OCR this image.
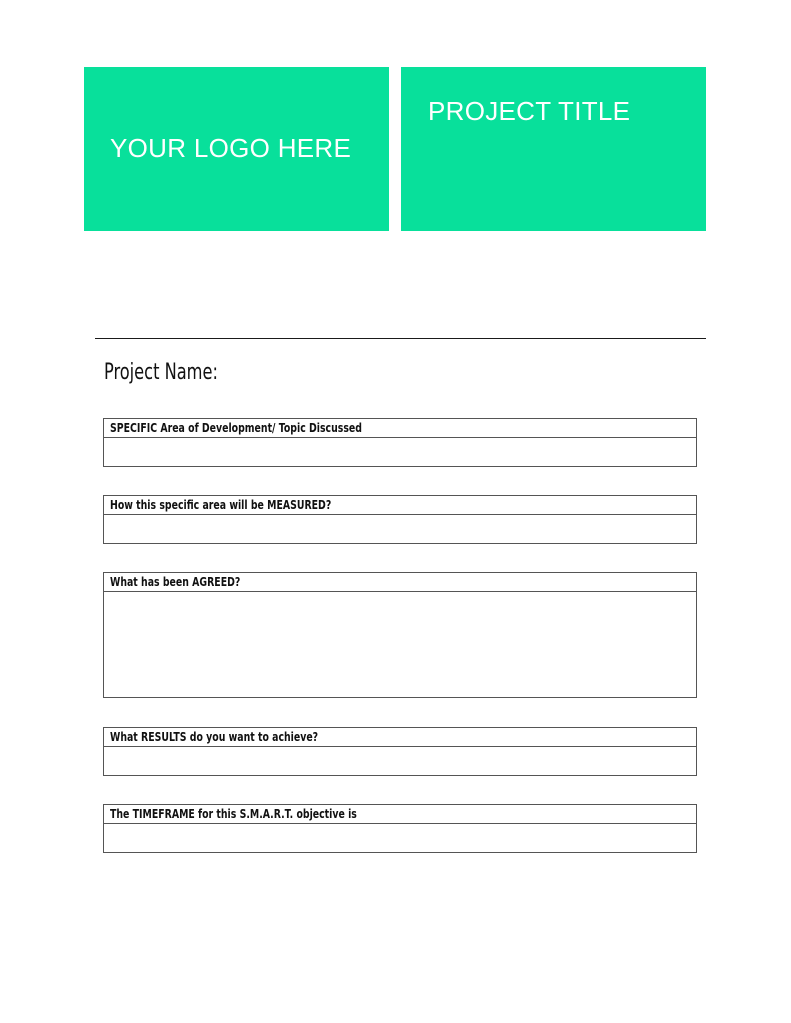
YOUR LOGO HERE
PROJECT TITLE
Project Name:
SPECIFIC Area of Development/ Topic Discussed
How this specific area will be MEASURED?
What has been AGREED?
What RESULTS do you want to achieve?
The TIMEFRAME for this S.M.A.R.T. objective is
